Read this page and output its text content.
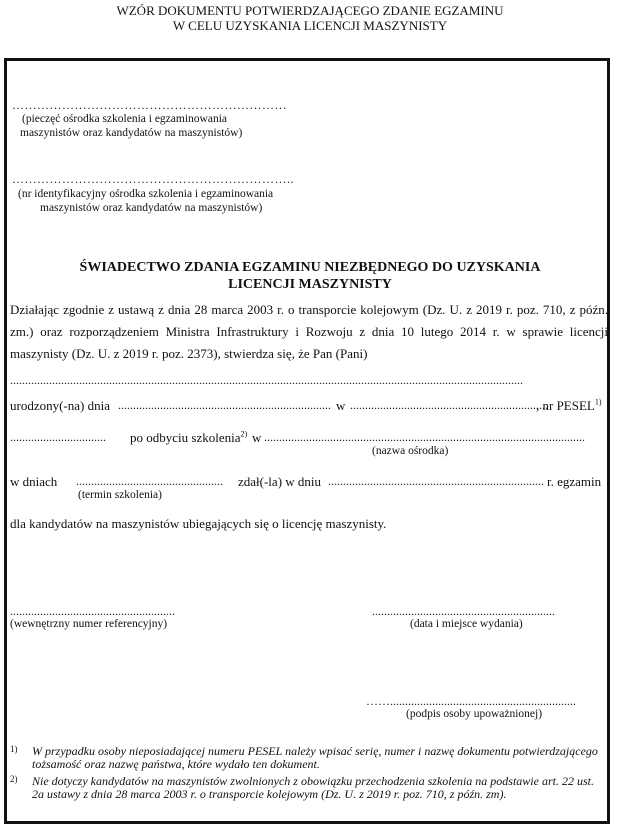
WZÓR DOKUMENTU POTWIERDZAJĄCEGO ZDANIE EGZAMINU
W CELU UZYSKANIA LICENCJI MASZYNISTY
…………………………………………………………
(pieczęć ośrodka szkolenia i egzaminowania
maszynistów oraz kandydatów na maszynistów)
…………………………………………………………..
(nr identyfikacyjny ośrodka szkolenia i egzaminowania
maszynistów oraz kandydatów na maszynistów)
ŚWIADECTWO ZDANIA EGZAMINU NIEZBĘDNEGO DO UZYSKANIA
LICENCJI MASZYNISTY
Działając zgodnie z ustawą z dnia 28 marca 2003 r. o transporcie kolejowym (Dz. U. z 2019 r. poz. 710, z późn. zm.) oraz rozporządzeniem Ministra Infrastruktury i Rozwoju z dnia 10 lutego 2014 r. w sprawie licencji maszynisty (Dz. U. z 2019 r. poz. 2373), stwierdza się, że Pan (Pani)
...........................................................................................................................................................................
urodzony(-na) dnia ....................................................................... w ..................................................................
, nr PESEL$^{1)}$
................................ po odbyciu szkolenia$^{2)}$ w ...........................................................................................................
(nazwa ośrodka)
w dniach ................................................. zdał(-la) w dniu ........................................................................ r. egzamin
(termin szkolenia)
dla kandydatów na maszynistów ubiegających się o licencję maszynisty.
.......................................................
(wewnętrzny numer referencyjny)
.............................................................
(data i miejsce wydania)
……..............................................................
(podpis osoby upoważnionej)
1) W przypadku osoby nieposiadającej numeru PESEL należy wpisać serię, numer i nazwę dokumentu potwierdzającego tożsamość oraz nazwę państwa, które wydało ten dokument.
2) Nie dotyczy kandydatów na maszynistów zwolnionych z obowiązku przechodzenia szkolenia na podstawie art. 22 ust. 2a ustawy z dnia 28 marca 2003 r. o transporcie kolejowym (Dz. U. z 2019 r. poz. 710, z późn. zm).
